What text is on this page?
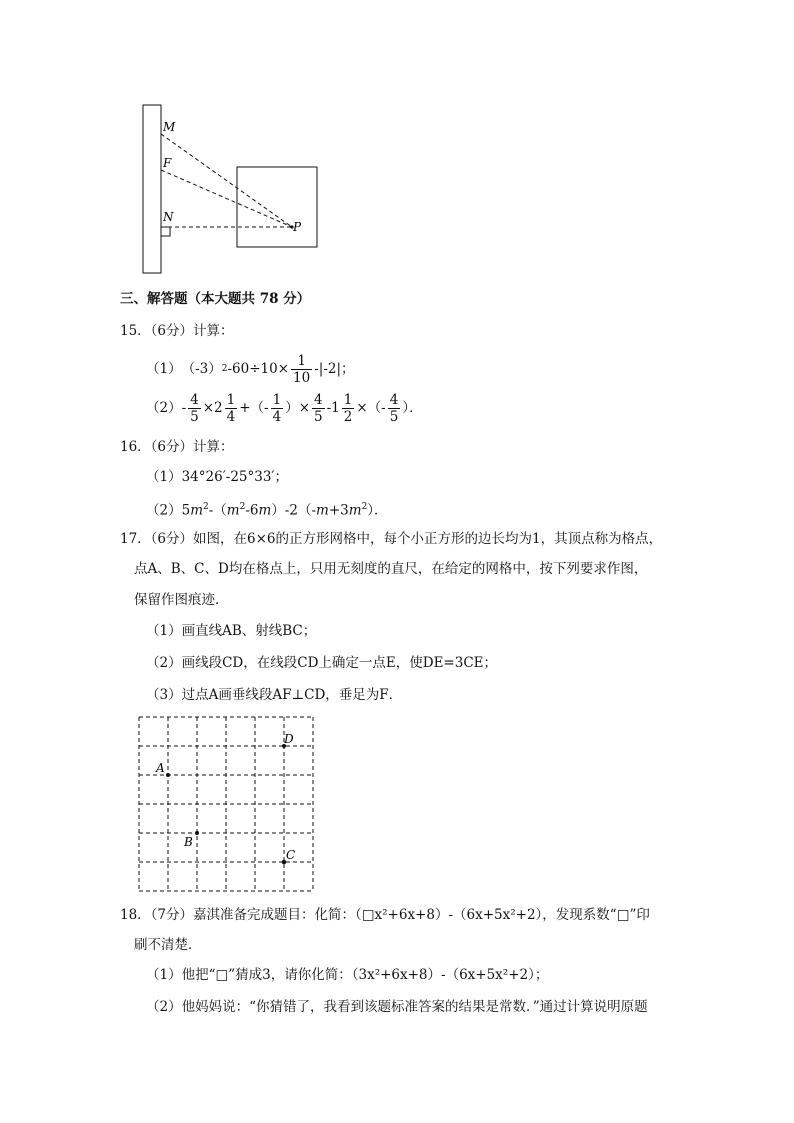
M
F
N
P
三、解答题（本大题共 78 分）
15．（6分）计算：
（1） （-3） 2 $-60\div 10\times \frac{1}{10} -|-2|$；
$(2) - \frac{4}{5} \times 2 \frac{1}{4}$ +（- $\frac{1}{4}$ ）× $\frac{4}{5} -1 \frac{1}{2}$ ×（- $\frac{4}{5}$ ）．
16．（6分）计算：
（1）34°26′-25°33′；
$(2)5m^2-(m^2-6m)-2(-m+3m^2)$．
17．（6分）如图，在6×6的正方形网格中，每个小正方形的边长均为1，其顶点称为格点，
点A、B、C、D均在格点上，只用无刻度的直尺，在给定的网格中，按下列要求作图，
保留作图痕迹．
（1）画直线AB、射线BC；
（2）画线段CD，在线段CD上确定一点E，使DE=3CE；
（3）过点A画垂线段AF⊥CD，垂足为F．
A
B
C
D
18．（7分）嘉淇准备完成题目：化简：（□x²+6x+8）-（6x+5x²+2），发现系数“□”印
刷不清楚．
（1）他把“□”猜成3，请你化简：（3x²+6x+8）-（6x+5x²+2）；
（2）他妈妈说：“你猜错了，我看到该题标准答案的结果是常数．”通过计算说明原题
